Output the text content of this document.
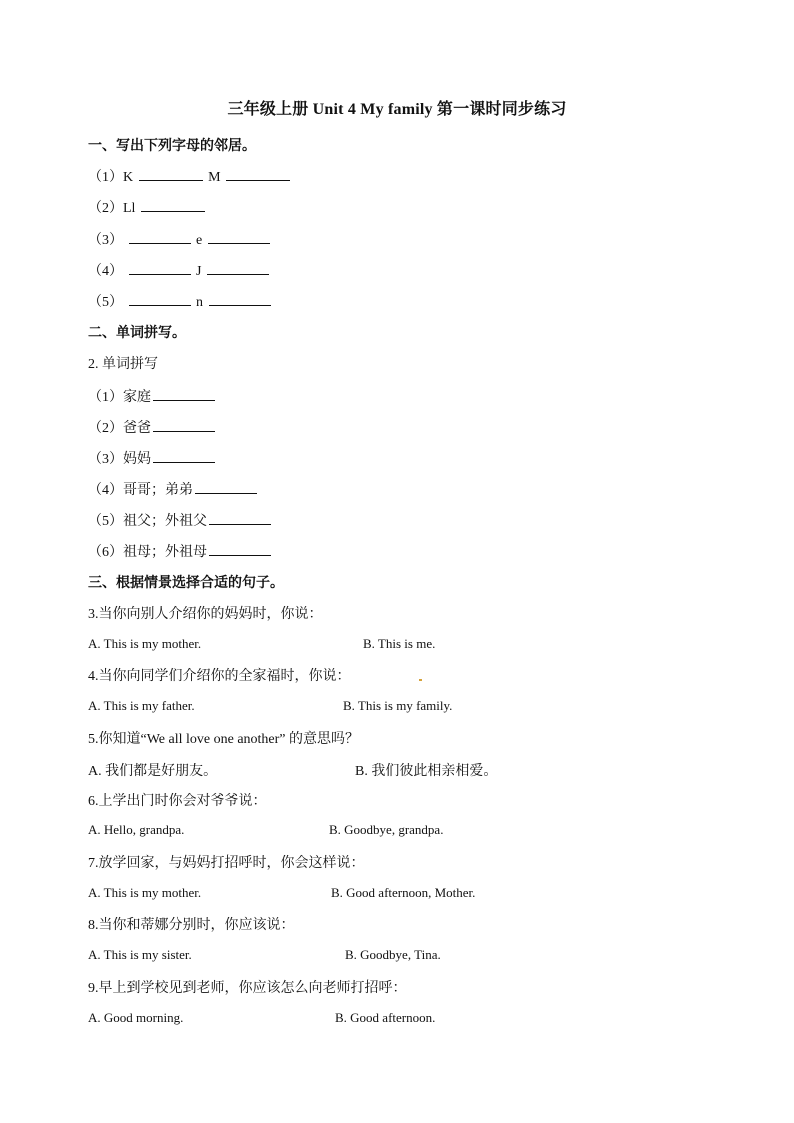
三年级上册 Unit 4 My family 第一课时同步练习
一、写出下列字母的邻居。
（1）K	M
（2）Ll
（3）	e
（4）	J
（5）	n
二、单词拼写。
2. 单词拼写
（1）家庭
（2）爸爸
（3）妈妈
（4）哥哥；弟弟
（5）祖父；外祖父
（6）祖母；外祖母
三、根据情景选择合适的句子。
3.当你向别人介绍你的妈妈时，你说：
A. This is my mother.	B. This is me.
4.当你向同学们介绍你的全家福时，你说：
A. This is my father.	B. This is my family.
5.你知道“We all love one another” 的意思吗？
A. 我们都是好朋友。	B. 我们彼此相亲相爱。
6.上学出门时你会对爷爷说：
A. Hello, grandpa.	B. Goodbye, grandpa.
7.放学回家，与妈妈打招呼时，你会这样说：
A. This is my mother.	B. Good afternoon, Mother.
8.当你和蒂娜分别时，你应该说：
A. This is my sister.	B. Goodbye, Tina.
9.早上到学校见到老师，你应该怎么向老师打招呼：
A. Good morning.	B. Good afternoon.
